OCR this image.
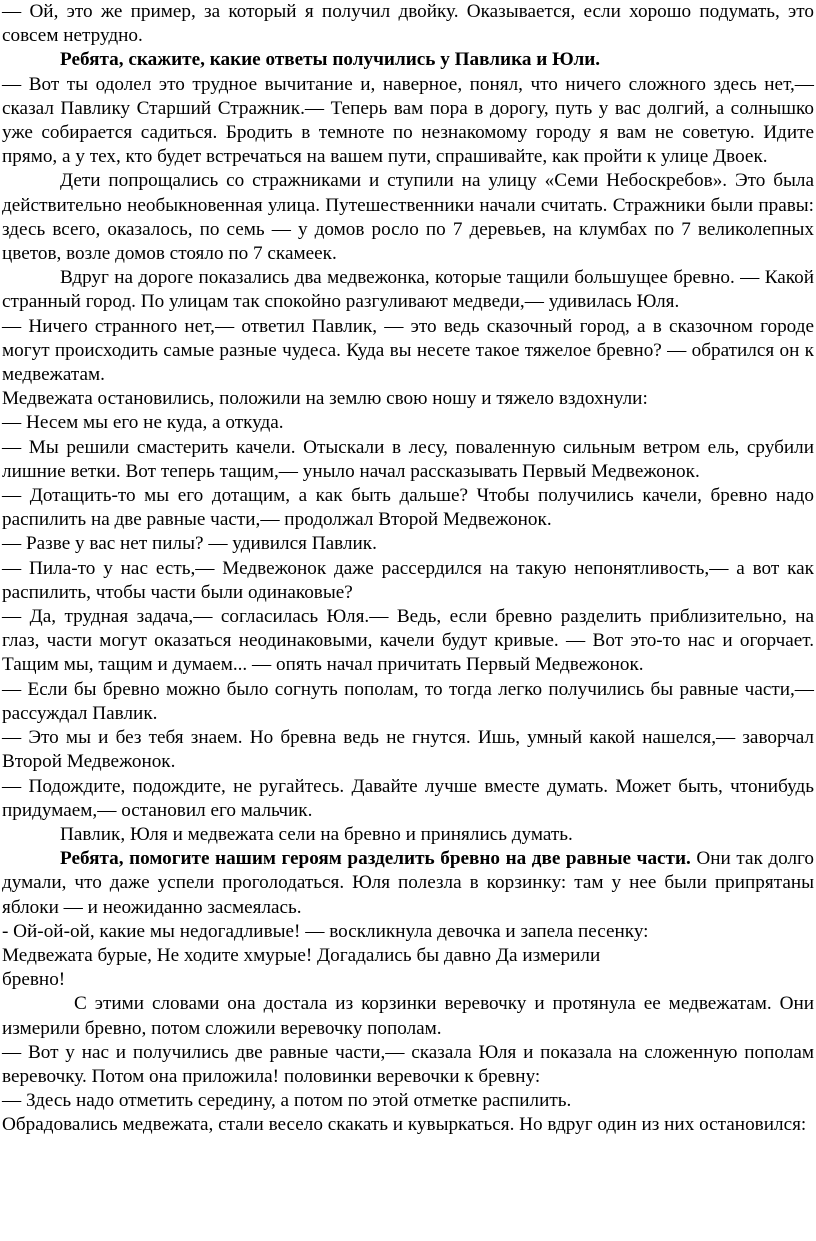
— Ой, это же пример, за который я получил двойку. Оказывается, если хорошо подумать, это совсем нетрудно.

Ребята, скажите, какие ответы получились у Павлика и Юли.

— Вот ты одолел это трудное вычитание и, наверное, понял, что ничего сложного здесь нет,— сказал Павлику Старший Стражник.— Теперь вам пора в дорогу, путь у вас долгий, а солнышко уже собирается садиться. Бродить в темноте по незнакомому городу я вам не советую. Идите прямо, а у тех, кто будет встречаться на вашем пути, спрашивайте, как пройти к улице Двоек.

Дети попрощались со стражниками и ступили на улицу «Семи Небоскребов». Это была действительно необыкновенная улица. Путешественники начали считать. Стражники были правы: здесь всего, оказалось, по семь — у домов росло по 7 деревьев, на клумбах по 7 великолепных цветов, возле домов стояло по 7 скамеек.

Вдруг на дороге показались два медвежонка, которые тащили большущее бревно. — Какой странный город. По улицам так спокойно разгуливают медведи,— удивилась Юля.

— Ничего странного нет,— ответил Павлик, — это ведь сказочный город, а в сказочном городе могут происходить самые разные чудеса. Куда вы несете такое тяжелое бревно? — обратился он к медвежатам.

Медвежата остановились, положили на землю свою ношу и тяжело вздохнули:

— Несем мы его не куда, а откуда.

— Мы решили смастерить качели. Отыскали в лесу, поваленную сильным ветром ель, срубили лишние ветки. Вот теперь тащим,— уныло начал рассказывать Первый Медвежонок.

— Дотащить-то мы его дотащим, а как быть дальше? Чтобы получились качели, бревно надо распилить на две равные части,— продолжал Второй Медвежонок.

— Разве у вас нет пилы? — удивился Павлик.

— Пила-то у нас есть,— Медвежонок даже рассердился на такую непонятливость,— а вот как распилить, чтобы части были одинаковые?

— Да, трудная задача,— согласилась Юля.— Ведь, если бревно разделить приблизительно, на глаз, части могут оказаться неодинаковыми, качели будут кривые. — Вот это-то нас и огорчает. Тащим мы, тащим и думаем... — опять начал причитать Первый Медвежонок.

— Если бы бревно можно было согнуть пополам, то тогда легко получились бы равные части,— рассуждал Павлик.

— Это мы и без тебя знаем. Но бревна ведь не гнутся. Ишь, умный какой нашелся,— заворчал Второй Медвежонок.

— Подождите, подождите, не ругайтесь. Давайте лучше вместе думать. Может быть, чтонибудь придумаем,— остановил его мальчик.

Павлик, Юля и медвежата сели на бревно и принялись думать.

Ребята, помогите нашим героям разделить бревно на две равные части. Они так долго думали, что даже успели проголодаться. Юля полезла в корзинку: там у нее были припрятаны яблоки — и неожиданно засмеялась.

- Ой-ой-ой, какие мы недогадливые! — воскликнула девочка и запела песенку:

Медвежата бурые, Не ходите хмурые! Догадались бы давно Да измерили

бревно!

С этими словами она достала из корзинки веревочку и протянула ее медвежатам. Они измерили бревно, потом сложили веревочку пополам.

— Вот у нас и получились две равные части,— сказала Юля и показала на сложенную пополам веревочку. Потом она приложила! половинки веревочки к бревну:

— Здесь надо отметить середину, а потом по этой отметке распилить.

Обрадовались медвежата, стали весело скакать и кувыркаться. Но вдруг один из них остановился:
